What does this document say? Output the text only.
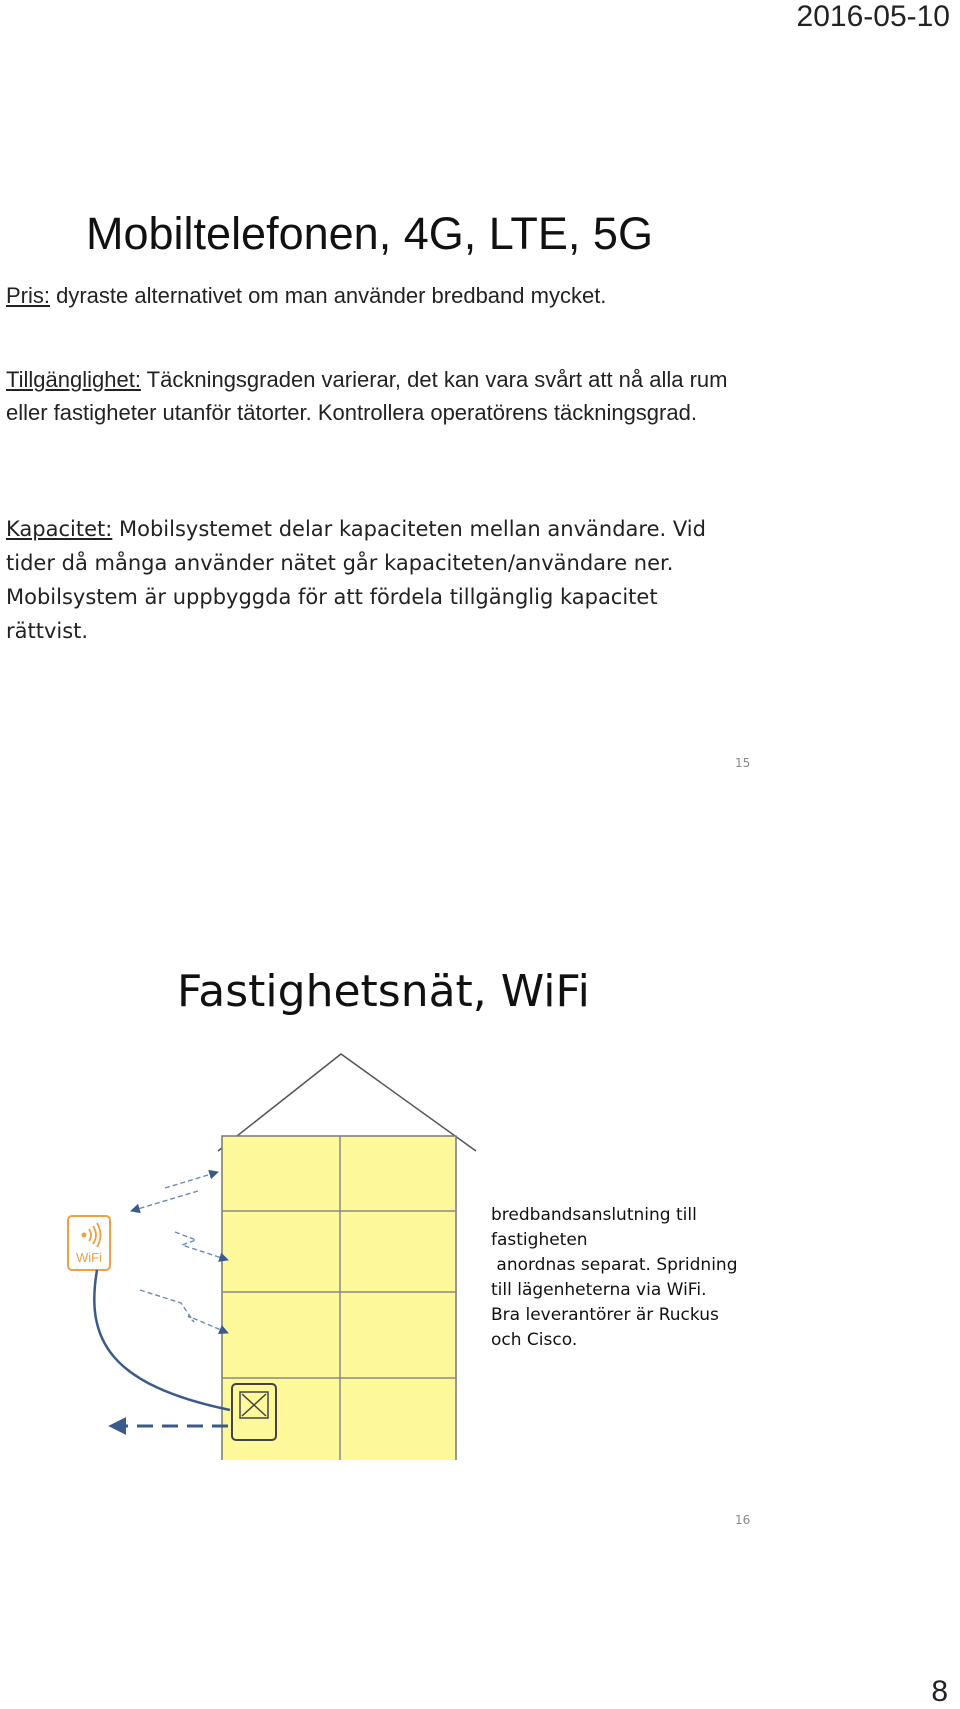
2016-05-10
Mobiltelefonen, 4G, LTE, 5G
Pris: dyraste alternativet om man använder bredband mycket.
Tillgänglighet: Täckningsgraden varierar, det kan vara svårt att nå alla rum eller fastigheter utanför tätorter. Kontrollera operatörens täckningsgrad.
Kapacitet: Mobilsystemet delar kapaciteten mellan användare. Vid tider då många använder nätet går kapaciteten/användare ner. Mobilsystem är uppbyggda för att fördela tillgänglig kapacitet rättvist.
15
Fastighetsnät, WiFi
WiFi
bredbandsanslutning till
fastigheten
anordnas separat. Spridning
till lägenheterna via WiFi.
Bra leverantörer är Ruckus
och Cisco.
16
8
